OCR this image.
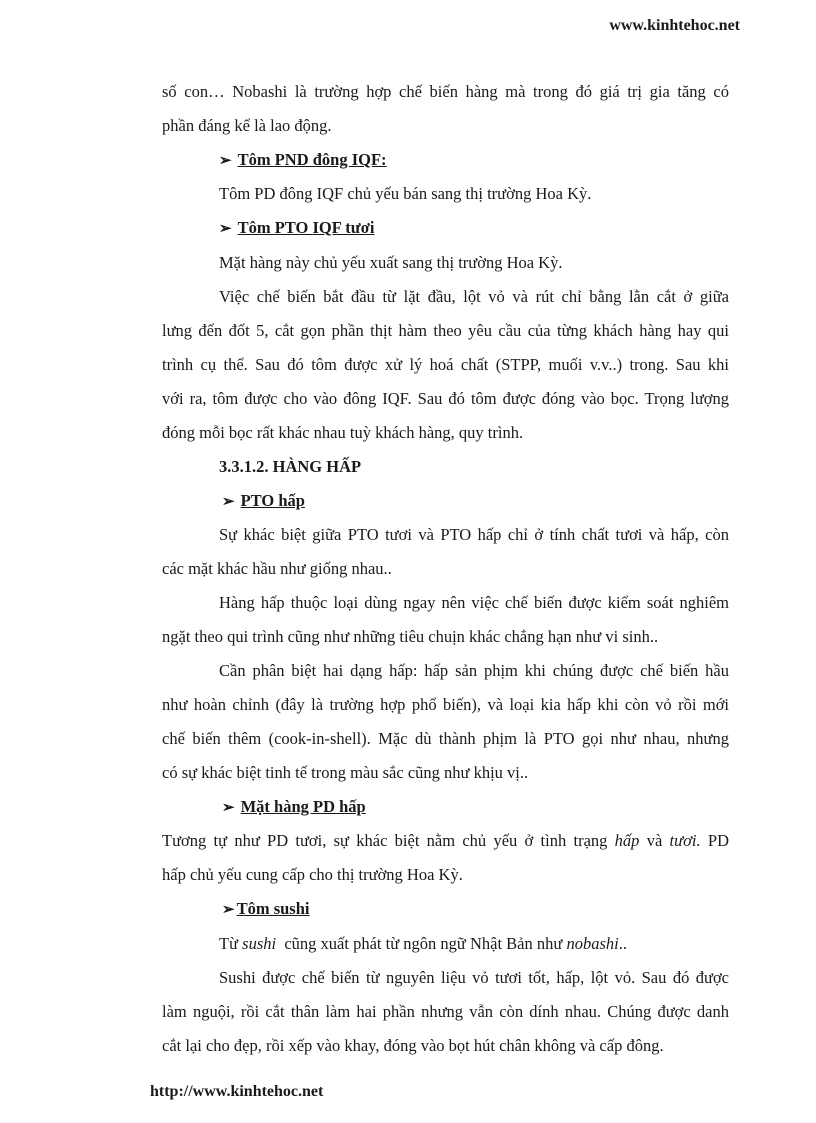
www.kinhtehoc.net

số con… Nobashi là trường hợp chế biến hàng mà trong đó giá trị gia tăng có

phần đáng kể là lao động.

➢ Tôm PND đông IQF:

Tôm PD đông IQF chủ yếu bán sang thị trường Hoa Kỳ.

➢ Tôm PTO IQF tươi

Mặt hàng này chủ yếu xuất sang thị trường Hoa Kỳ.

Việc chế biến bắt đầu từ lặt đầu, lột vỏ và rút chỉ bằng lằn cắt ở giữa

lưng đến đốt 5, cắt gọn phần thịt hàm theo yêu cầu của từng khách hàng hay qui

trình cụ thể. Sau đó tôm được xử lý hoá chất (STPP, muối v.v..) trong. Sau khi

với ra, tôm được cho vào đông IQF. Sau đó tôm được đóng vào bọc. Trọng lượng

đóng mỗi bọc rất khác nhau tuỳ khách hàng, quy trình.

3.3.1.2. HÀNG HẤP
➢ PTO hấp

Sự khác biệt giữa PTO tươi và PTO hấp chỉ ở tính chất tươi và hấp, còn

các mặt khác hầu như giống nhau..

Hàng hấp thuộc loại dùng ngay nên việc chế biến được kiểm soát nghiêm

ngặt theo qui trình cũng như những tiêu chuịn khác chẳng hạn như vi sinh..

Cần phân biệt hai dạng hấp: hấp sản phịm khi chúng được chế biến hầu

như hoàn chỉnh (đây là trường hợp phổ biến), và loại kia hấp khi còn vỏ rồi mới

chế biến thêm (cook-in-shell). Mặc dù thành phịm là PTO gọi như nhau, nhưng

có sự khác biệt tinh tế trong màu sắc cũng như khịu vị..

➢ Mặt hàng PD hấp

Tương tự như PD tươi, sự khác biệt nằm chủ yếu ở tình trạng hấp và tươi. PD

hấp chủ yếu cung cấp cho thị trường Hoa Kỳ.

➢ Tôm sushi

Từ sushi  cũng xuất phát từ ngôn ngữ Nhật Bản như nobashi..

Sushi được chế biến từ nguyên liệu vỏ tươi tốt, hấp, lột vỏ. Sau đó được

làm nguội, rồi cắt thân làm hai phần nhưng vẫn còn dính nhau. Chúng được danh

cắt lại cho đẹp, rồi xếp vào khay, đóng vào bọt hút chân không và cấp đông.

http://www.kinhtehoc.net
